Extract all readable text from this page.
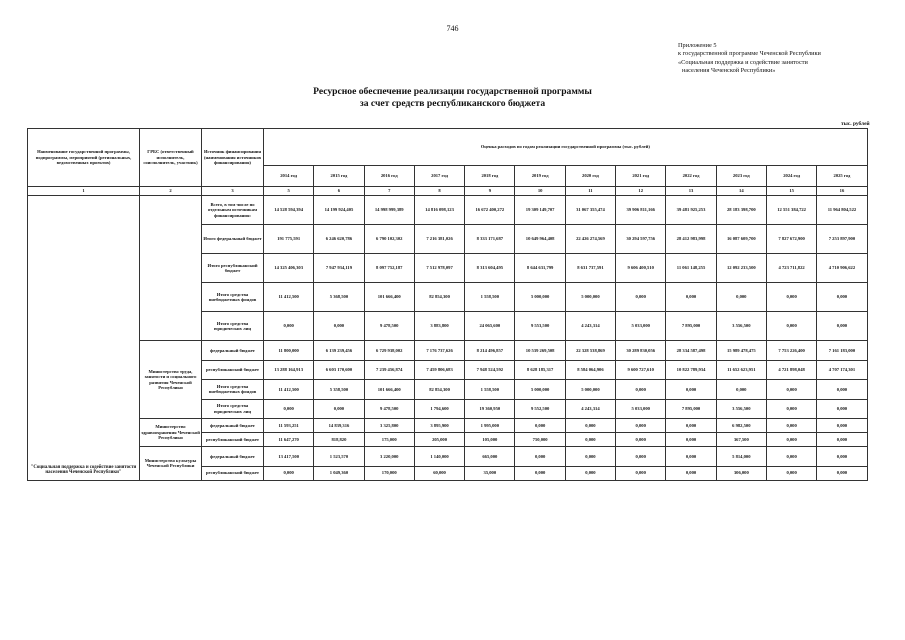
746
Приложение 5
к государственной программе Чеченской Республики
«Социальная поддержка и содействие занятости
населения Чеченской Республики»
Ресурсное обеспечение реализации государственной программы
за счет средств республиканского бюджета
тыс. рублей
Наименование государственной программы, подпрограммы, мероприятий (региональных, ведомственных проектов)	ГРБС (ответственный исполнитель, соисполнитель, участник)	Источник финансирования (наименования источников финансирования)	Оценка расходов по годам реализации государственной программы (тыс. рублей)											
			2014 год	2015 год	2016 год	2017 год	2018 год	2019 год	2020 год	2021 год	2022 год	2023 год	2024 год	2025 год
1	2	3	5	6	7	8	9	10	11	12	13	14	15	16
"Социальная поддержка и содействие занятости населения Чеченской Республики"		Всего, в том числе по отдельным источникам финансирования:	14 528 594,394	14 199 924,405	14 998 999,389	14 816 098,123	16 672 400,272	19 309 149,707	31 067 355,474	39 906 811,166	39 481 925,253	28 183 398,700	12 551 384,722	11 964 804,522
		Итого федеральный бюджет	191 775,591	6 246 620,786	6 790 102,302	7 216 381,026	8 333 171,687	10 649 964,408	22 426 274,569	30 294 597,756	28 412 983,998	16 087 609,700	7 827 672,900	7 253 897,900
		Итого республиканский бюджет	14 325 406,303	7 947 934,119	8 097 752,187	7 512 978,097	8 313 604,495	8 644 631,799	8 631 737,591	9 606 400,510	11 061 148,255	12 092 233,500	4 723 711,822	4 710 906,622
		Итого средства внебюджетных фондов	11 412,500	5 368,500	101 666,400	82 854,300	1 558,500	5 000,000	5 000,000	0,000	0,000	0,000	0,000	0,000
		Итого средства юридических лиц	0,000	0,000	9 478,500	3 883,800	24 065,600	9 553,500	4 243,314	5 033,000	7 895,000	3 556,500	0,000	0,000
	Министерство труда, занятости и социального развития Чеченской Республики	федеральный бюджет	11 800,000	6 139 239,456	6 729 938,002	7 176 737,626	8 214 496,857	10 539 269,508	22 328 538,869	30 289 830,056	28 334 587,498	15 989 478,475	7 753 226,400	7 161 183,000
		республиканский бюджет	13 288 164,913	6 603 170,600	7 239 456,874	7 459 806,683	7 948 524,592	8 628 185,317	8 584 064,906	9 600 727,610	10 822 789,934	11 652 623,951	4 721 898,048	4 707 174,301
		Итого средства внебюджетных фондов	11 412,500	5 358,500	101 666,400	82 854,300	1 558,500	5 000,000	5 000,000	0,000	0,000	0,000	0,000	0,000
		Итого средства юридических лиц	0,000	0,000	9 478,500	1 794,600	19 360,950	9 552,500	4 243,314	5 033,000	7 895,000	3 556,500	0,000	0,000
	Министерство здравоохранения Чеченской Республики	федеральный бюджет	11 593,251	14 839,316	3 325,800	3 895,900	1 995,000	0,000	0,000	0,000	0,000	6 982,500	0,000	0,000
		республиканский бюджет	11 647,270	818,820	175,000	205,000	105,000	750,000	0,000	0,000	0,000	367,500	0,000	0,000
	Министерство культуры Чеченской Республики	федеральный бюджет	13 417,500	1 523,570	3 220,000	1 140,000	665,000	0,000	0,000	0,000	0,000	5 814,000	0,000	0,000
		республиканский бюджет	0,000	1 049,360	170,000	60,000	35,000	0,000	0,000	0,000	0,000	306,000	0,000	0,000
